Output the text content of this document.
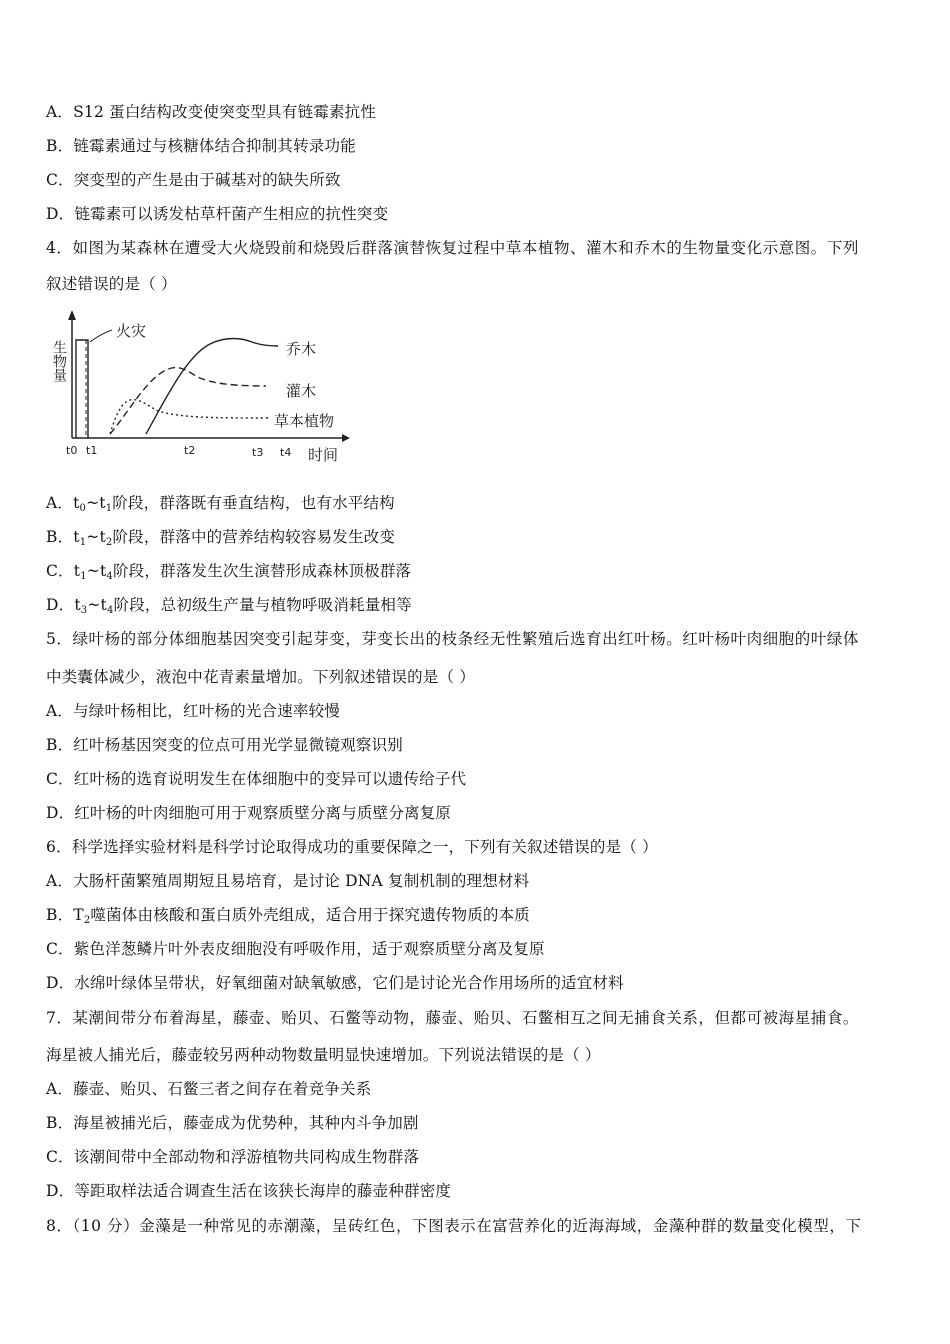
A．S12 蛋白结构改变使突变型具有链霉素抗性
B．链霉素通过与核糖体结合抑制其转录功能
C．突变型的产生是由于碱基对的缺失所致
D．链霉素可以诱发枯草杆菌产生相应的抗性突变
4．如图为某森林在遭受大火烧毁前和烧毁后群落演替恢复过程中草本植物、灌木和乔木的生物量变化示意图。下列
叙述错误的是（ ）
火灾
乔木
灌木
草本植物
生物量
t0 t1	t2	t3 t4 时间
A．$t_0\sim t_1$阶段，群落既有垂直结构，也有水平结构
B．$t_1\sim t_2$阶段，群落中的营养结构较容易发生改变
C．$t_1\sim t_4$阶段，群落发生次生演替形成森林顶极群落
D．$t_3\sim t_4$阶段，总初级生产量与植物呼吸消耗量相等
5．绿叶杨的部分体细胞基因突变引起芽变，芽变长出的枝条经无性繁殖后选育出红叶杨。红叶杨叶肉细胞的叶绿体
中类囊体减少，液泡中花青素量增加。下列叙述错误的是（ ）
A．与绿叶杨相比，红叶杨的光合速率较慢
B．红叶杨基因突变的位点可用光学显微镜观察识别
C．红叶杨的选育说明发生在体细胞中的变异可以遗传给子代
D．红叶杨的叶肉细胞可用于观察质壁分离与质壁分离复原
6．科学选择实验材料是科学讨论取得成功的重要保障之一，下列有关叙述错误的是（ ）
A．大肠杆菌繁殖周期短且易培育，是讨论 DNA 复制机制的理想材料
B．$T_2$噬菌体由核酸和蛋白质外壳组成，适合用于探究遗传物质的本质
C．紫色洋葱鳞片叶外表皮细胞没有呼吸作用，适于观察质壁分离及复原
D．水绵叶绿体呈带状，好氧细菌对缺氧敏感，它们是讨论光合作用场所的适宜材料
7．某潮间带分布着海星，藤壶、贻贝、石鳖等动物，藤壶、贻贝、石鳖相互之间无捕食关系，但都可被海星捕食。
海星被人捕光后，藤壶较另两种动物数量明显快速增加。下列说法错误的是（ ）
A．藤壶、贻贝、石鳖三者之间存在着竞争关系
B．海星被捕光后，藤壶成为优势种，其种内斗争加剧
C．该潮间带中全部动物和浮游植物共同构成生物群落
D．等距取样法适合调查生活在该狭长海岸的藤壶种群密度
8．（10 分）金藻是一种常见的赤潮藻，呈砖红色，下图表示在富营养化的近海海域，金藻种群的数量变化模型，下
